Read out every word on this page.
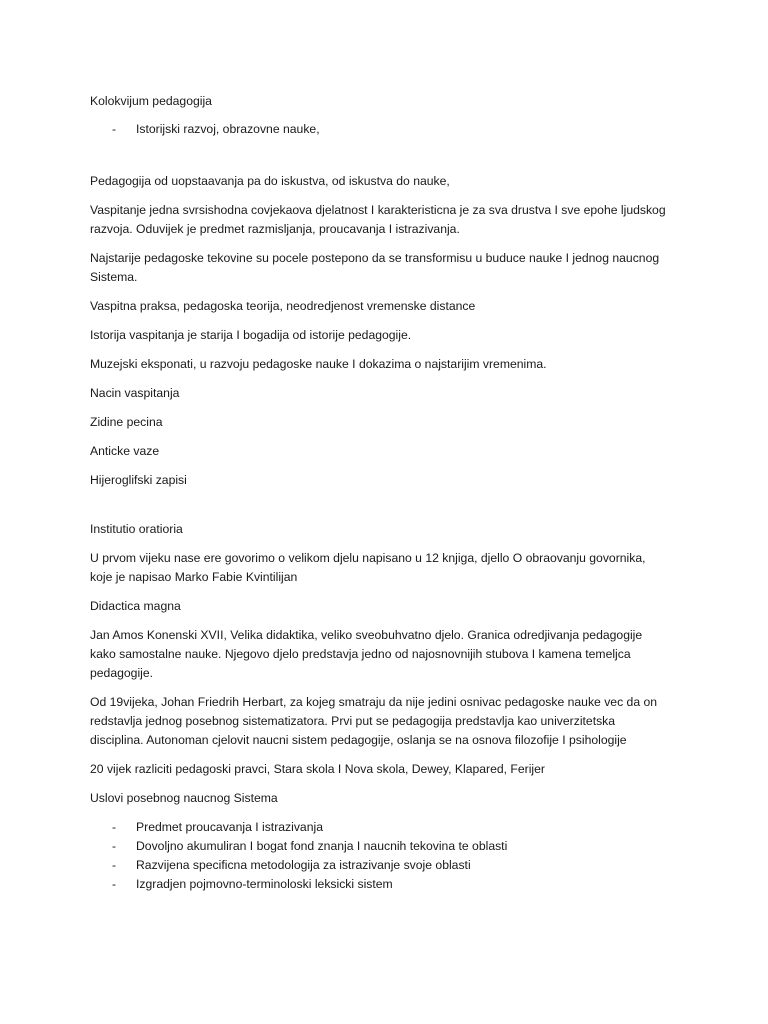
Kolokvijum pedagogija

- Istorijski razvoj, obrazovne nauke,

Pedagogija od uopstaavanja pa do iskustva, od iskustva do nauke,

Vaspitanje jedna svrsishodna covjekaova djelatnost I karakteristicna je za sva drustva I sve epohe ljudskog razvoja. Oduvijek je predmet razmisljanja, proucavanja I istrazivanja.

Najstarije pedagoske tekovine su pocele postepono da se transformisu u buduce nauke I jednog naucnog Sistema.

Vaspitna praksa, pedagoska teorija, neodredjenost vremenske distance

Istorija vaspitanja je starija I bogadija od istorije pedagogije.

Muzejski eksponati, u razvoju pedagoske nauke I dokazima o najstarijim vremenima.

Nacin vaspitanja

Zidine pecina

Anticke vaze

Hijeroglifski zapisi

Institutio oratioria

U prvom vijeku nase ere govorimo o velikom djelu napisano u 12 knjiga, djello O obraovanju govornika, koje je napisao Marko Fabie Kvintilijan

Didactica magna

Jan Amos Konenski XVII, Velika didaktika, veliko sveobuhvatno djelo. Granica odredjivanja pedagogije kako samostalne nauke. Njegovo djelo predstavja jedno od najosnovnijih stubova I kamena temeljca pedagogije.

Od 19vijeka, Johan Friedrih Herbart, za kojeg smatraju da nije jedini osnivac pedagoske nauke vec da on redstavlja jednog posebnog sistematizatora. Prvi put se pedagogija predstavlja kao univerzitetska disciplina. Autonoman cjelovit naucni sistem pedagogije, oslanja se na osnova filozofije I psihologije

20 vijek razliciti pedagoski pravci, Stara skola I Nova skola, Dewey, Klapared, Ferijer

Uslovi posebnog naucnog Sistema

- Predmet proucavanja I istrazivanja
- Dovoljno akumuliran I bogat fond znanja I naucnih tekovina te oblasti
- Razvijena specificna metodologija za istrazivanje svoje oblasti
- Izgradjen pojmovno-terminoloski leksicki sistem
